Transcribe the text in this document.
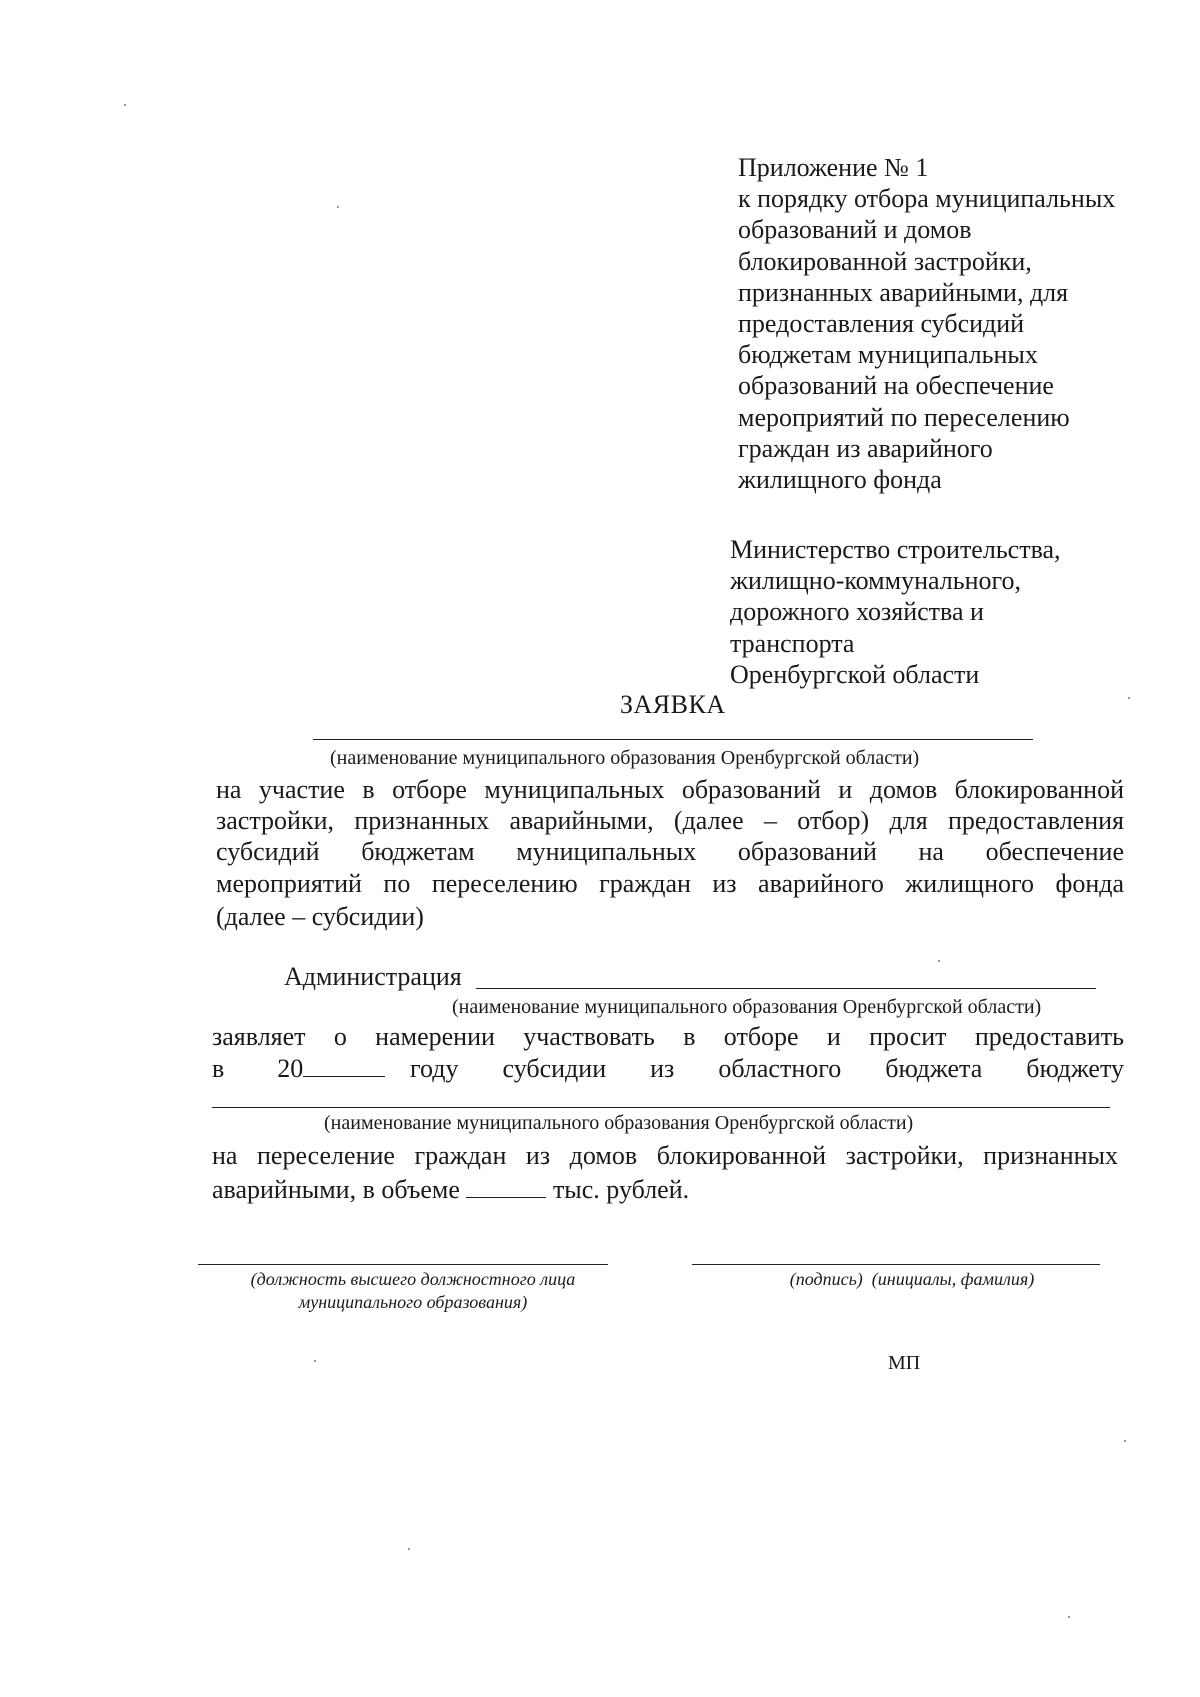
Приложение № 1
к порядку отбора муниципальных
образований и домов
блокированной застройки,
признанных аварийными, для
предоставления субсидий
бюджетам муниципальных
образований на обеспечение
мероприятий по переселению
граждан из аварийного
жилищного фонда
Министерство строительства,
жилищно-коммунального,
дорожного хозяйства и
транспорта
Оренбургской области
ЗАЯВКА
(наименование муниципального образования Оренбургской области)
на участие в отборе муниципальных образований и домов блокированной
застройки, признанных аварийными, (далее – отбор) для предоставления
субсидий бюджетам муниципальных образований на обеспечение
мероприятий по переселению граждан из аварийного жилищного фонда
(далее – субсидии)
Администрация
(наименование муниципального образования Оренбургской области)
заявляет о намерении участвовать в отборе и просит предоставить
в 20	году субсидии из областного бюджета бюджету
(наименование муниципального образования Оренбургской области)
на переселение граждан из домов блокированной застройки, признанных
аварийными, в объеме	тыс. рублей.
(должность высшего должностного лица
муниципального образования)
(подпись)  (инициалы, фамилия)
МП
